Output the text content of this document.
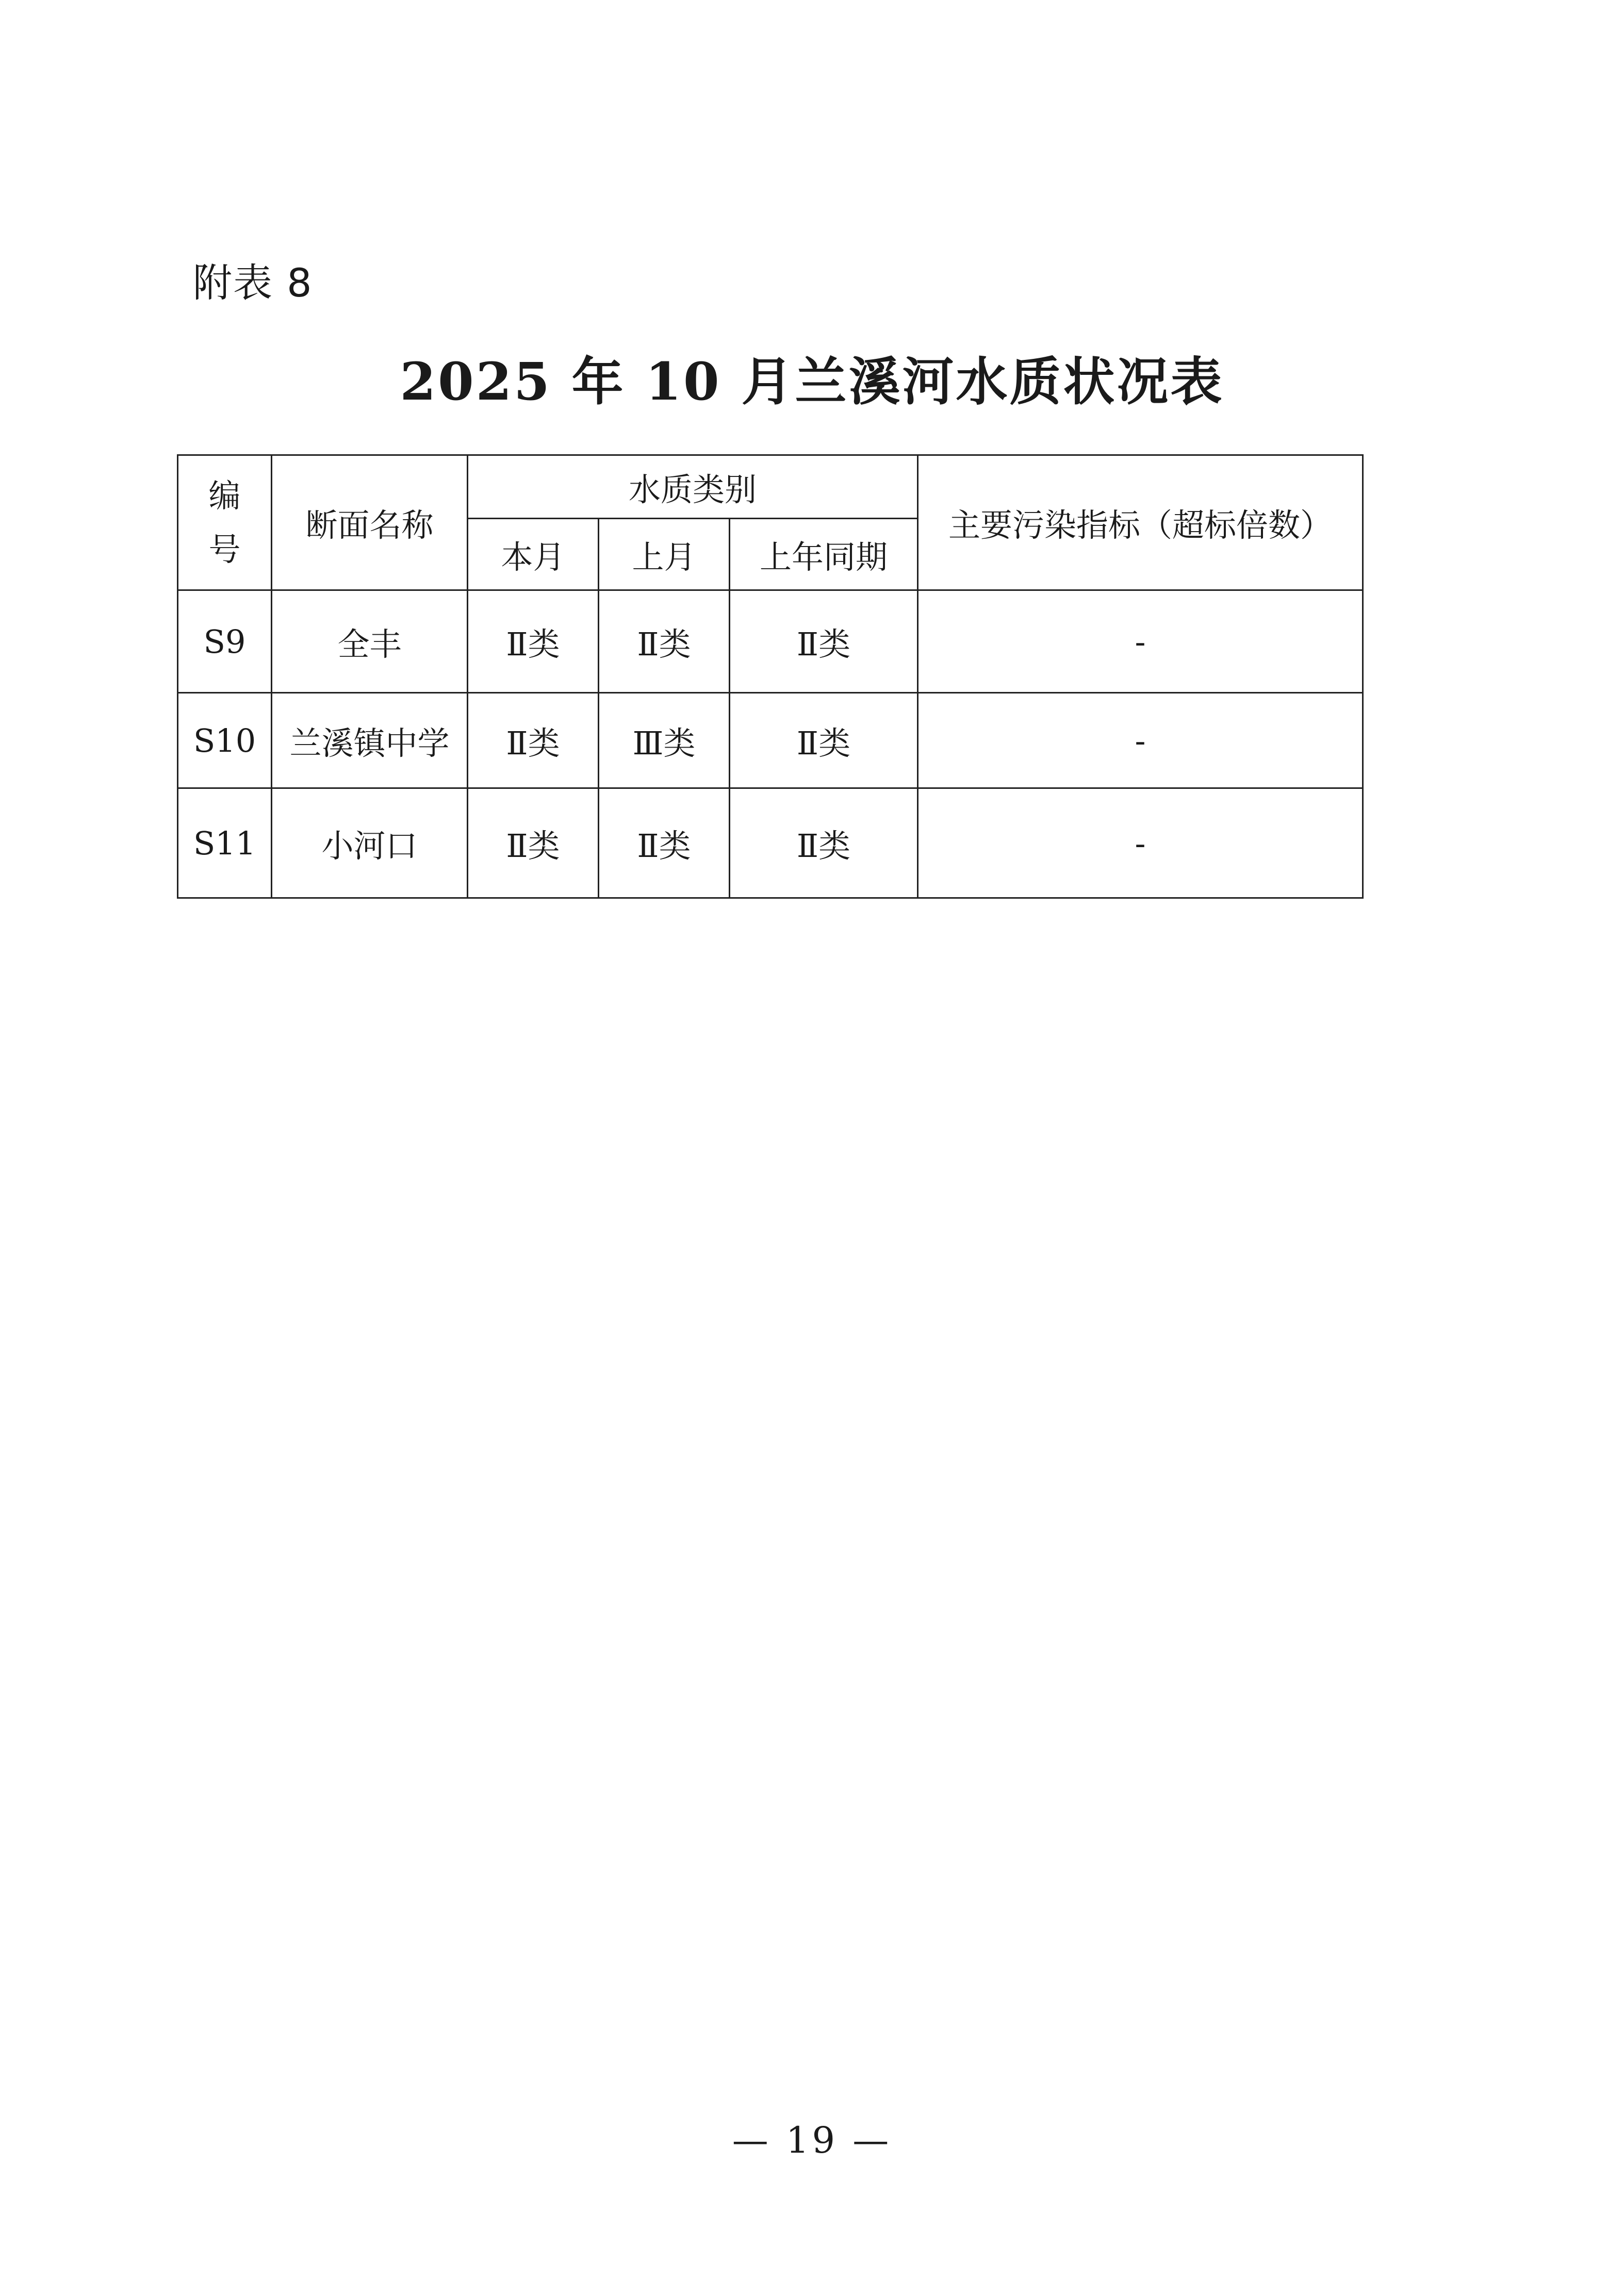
附表 8
2025 年 10 月兰溪河水质状况表
编
号	断面名称	水质类别			主要污染指标（超标倍数）
		本月	上月	上年同期	
S9	全丰	Ⅱ类	Ⅱ类	Ⅱ类	-
S10	兰溪镇中学	Ⅱ类	Ⅲ类	Ⅱ类	-
S11	小河口	Ⅱ类	Ⅱ类	Ⅱ类	-
— 19 —
